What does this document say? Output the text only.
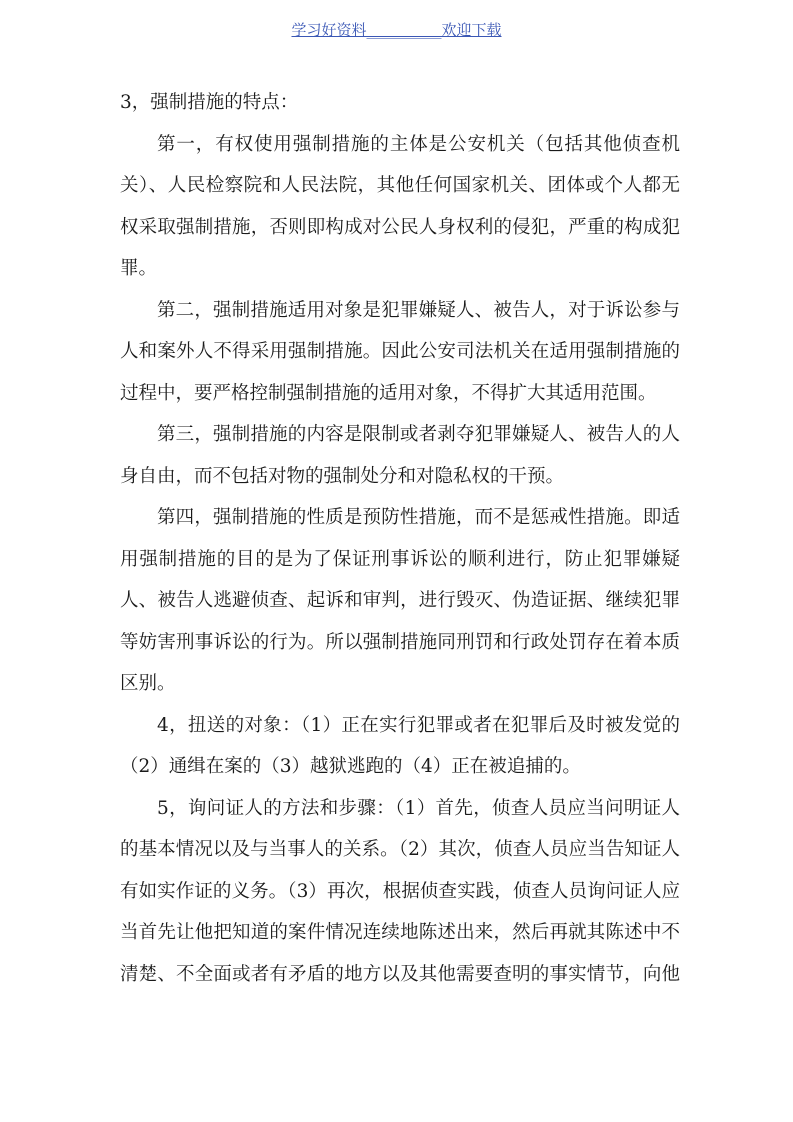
学习好资料__________欢迎下载
3，强制措施的特点：
第一，有权使用强制措施的主体是公安机关（包括其他侦查机
关）、人民检察院和人民法院，其他任何国家机关、团体或个人都无
权采取强制措施，否则即构成对公民人身权利的侵犯，严重的构成犯
罪。
第二，强制措施适用对象是犯罪嫌疑人、被告人，对于诉讼参与
人和案外人不得采用强制措施。因此公安司法机关在适用强制措施的
过程中，要严格控制强制措施的适用对象，不得扩大其适用范围。
第三，强制措施的内容是限制或者剥夺犯罪嫌疑人、被告人的人
身自由，而不包括对物的强制处分和对隐私权的干预。
第四，强制措施的性质是预防性措施，而不是惩戒性措施。即适
用强制措施的目的是为了保证刑事诉讼的顺利进行，防止犯罪嫌疑
人、被告人逃避侦查、起诉和审判，进行毁灭、伪造证据、继续犯罪
等妨害刑事诉讼的行为。所以强制措施同刑罚和行政处罚存在着本质
区别。
4，扭送的对象：（1）正在实行犯罪或者在犯罪后及时被发觉的
（2）通缉在案的（3）越狱逃跑的（4）正在被追捕的。
5，询问证人的方法和步骤：（1）首先，侦查人员应当问明证人
的基本情况以及与当事人的关系。（2）其次，侦查人员应当告知证人
有如实作证的义务。（3）再次，根据侦查实践，侦查人员询问证人应
当首先让他把知道的案件情况连续地陈述出来，然后再就其陈述中不
清楚、不全面或者有矛盾的地方以及其他需要查明的事实情节，向他
